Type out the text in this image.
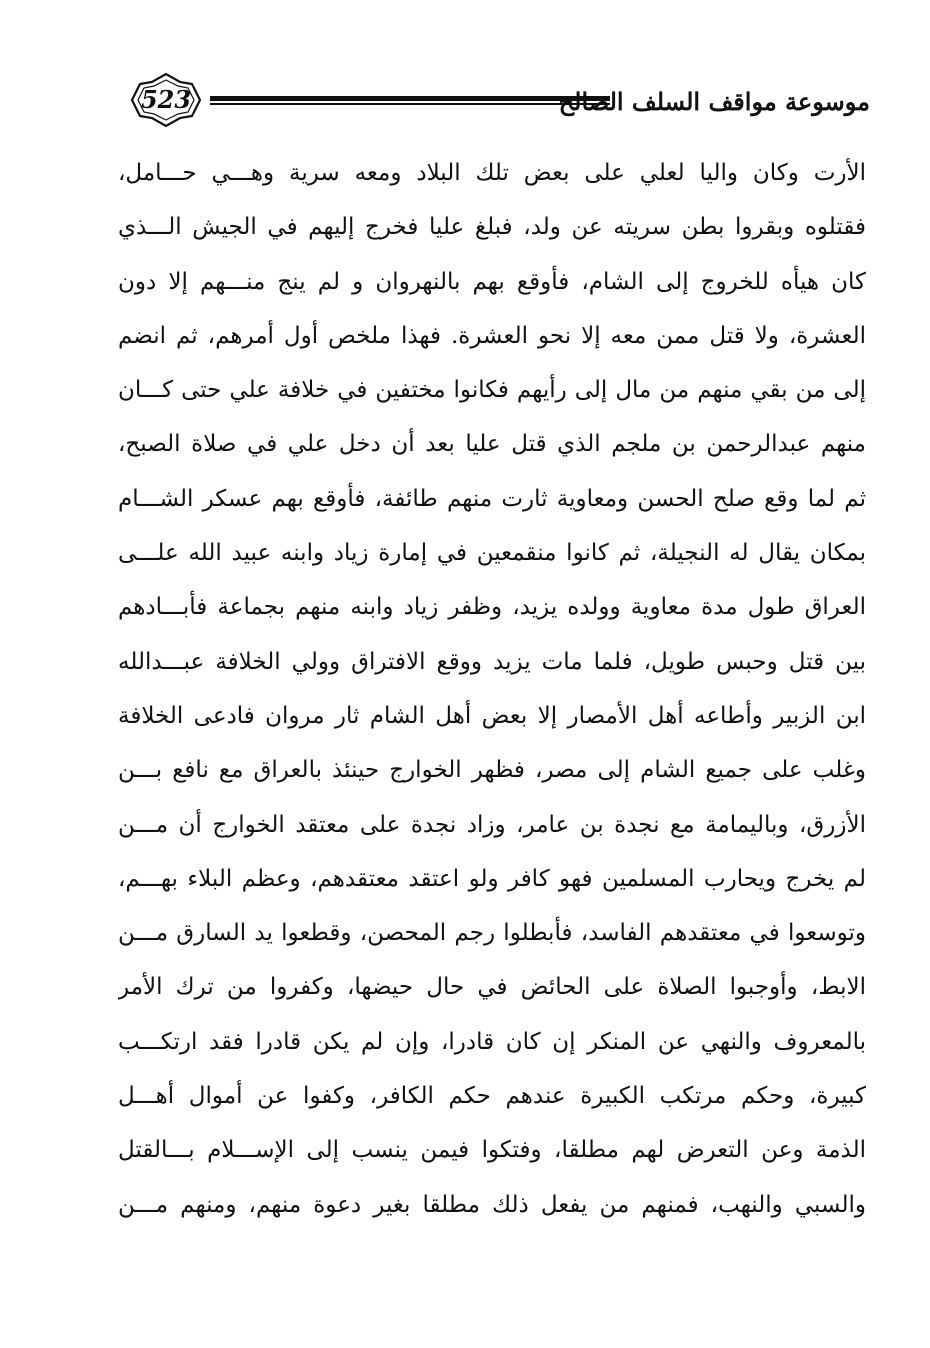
523	موسوعة مواقف السلف الصالح
الأرت وكان واليا لعلي على بعض تلك البلاد ومعه سرية وهـــي حـــامل،
فقتلوه وبقروا بطن سريته عن ولد، فبلغ عليا فخرج إليهم في الجيش الـــذي
كان هيأه للخروج إلى الشام، فأوقع بهم بالنهروان و لم ينج منـــهم إلا دون
العشرة، ولا قتل ممن معه إلا نحو العشرة. فهذا ملخص أول أمرهم، ثم انضم
إلى من بقي منهم من مال إلى رأيهم فكانوا مختفين في خلافة علي حتى كـــان
منهم عبدالرحمن بن ملجم الذي قتل عليا بعد أن دخل علي في صلاة الصبح،
ثم لما وقع صلح الحسن ومعاوية ثارت منهم طائفة، فأوقع بهم عسكر الشـــام
بمكان يقال له النجيلة، ثم كانوا منقمعين في إمارة زياد وابنه عبيد الله علـــى
العراق طول مدة معاوية وولده يزيد، وظفر زياد وابنه منهم بجماعة فأبـــادهم
بين قتل وحبس طويل، فلما مات يزيد ووقع الافتراق وولي الخلافة عبـــدالله
ابن الزبير وأطاعه أهل الأمصار إلا بعض أهل الشام ثار مروان فادعى الخلافة
وغلب على جميع الشام إلى مصر، فظهر الخوارج حينئذ بالعراق مع نافع بـــن
الأزرق، وباليمامة مع نجدة بن عامر، وزاد نجدة على معتقد الخوارج أن مـــن
لم يخرج ويحارب المسلمين فهو كافر ولو اعتقد معتقدهم، وعظم البلاء بهـــم،
وتوسعوا في معتقدهم الفاسد، فأبطلوا رجم المحصن، وقطعوا يد السارق مـــن
الابط، وأوجبوا الصلاة على الحائض في حال حيضها، وكفروا من ترك الأمر
بالمعروف والنهي عن المنكر إن كان قادرا، وإن لم يكن قادرا فقد ارتكـــب
كبيرة، وحكم مرتكب الكبيرة عندهم حكم الكافر، وكفوا عن أموال أهـــل
الذمة وعن التعرض لهم مطلقا، وفتكوا فيمن ينسب إلى الإســـلام بـــالقتل
والسبي والنهب، فمنهم من يفعل ذلك مطلقا بغير دعوة منهم، ومنهم مـــن
